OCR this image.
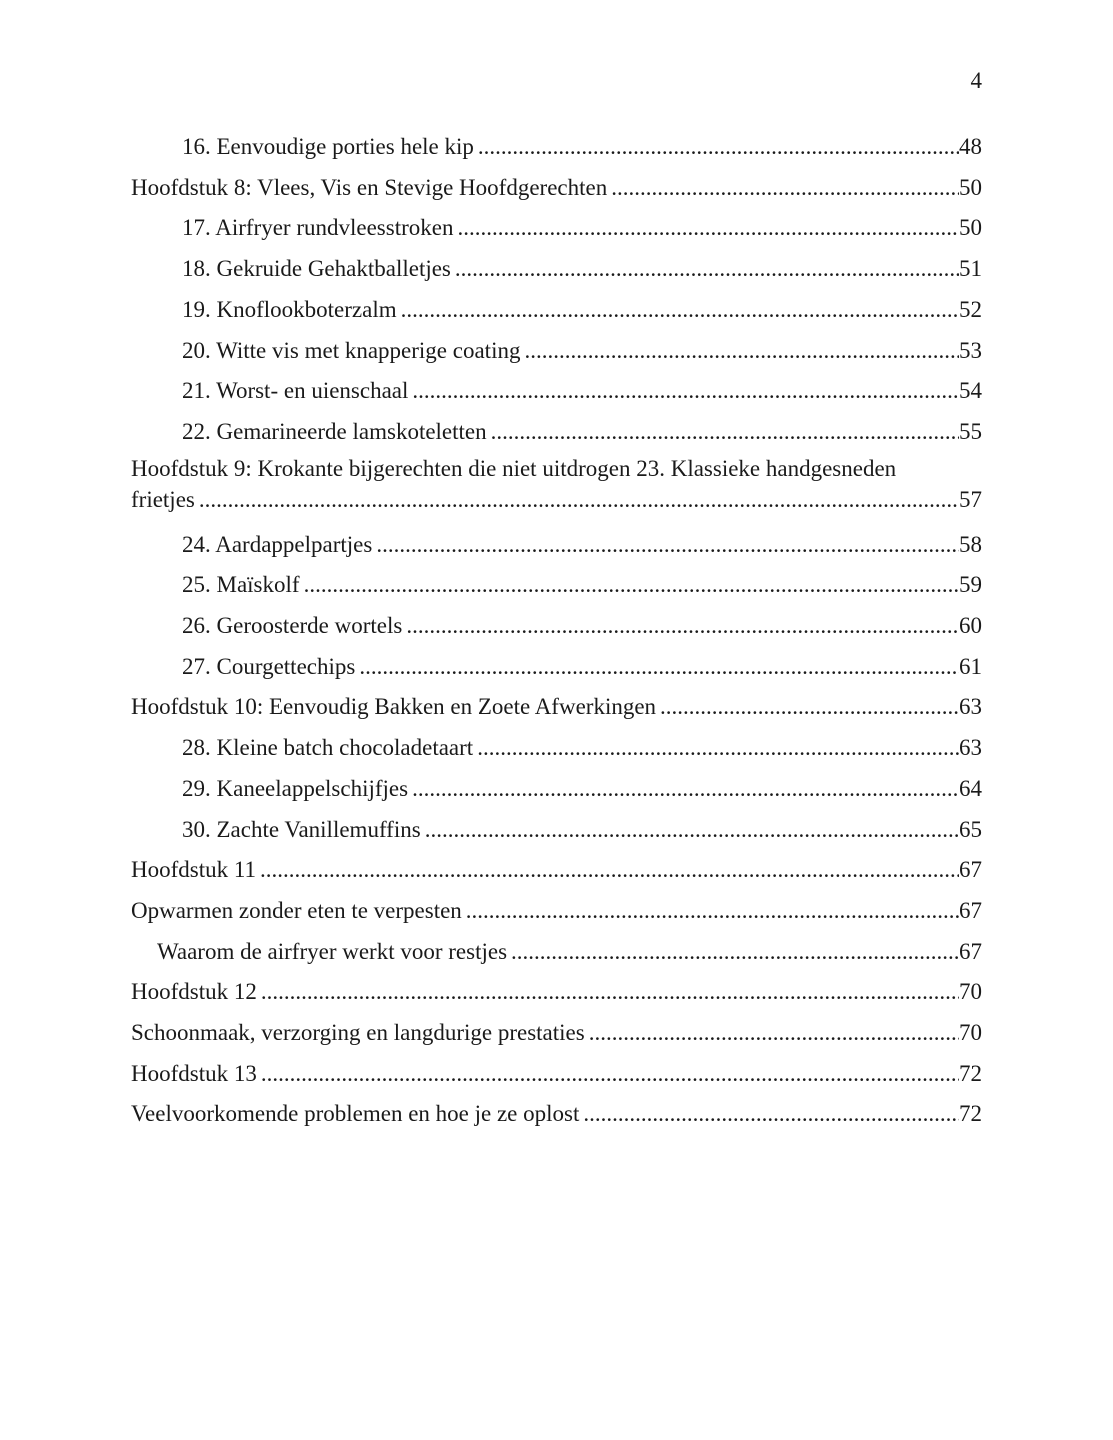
4
16. Eenvoudige porties hele kip .....	48
Hoofdstuk 8: Vlees, Vis en Stevige Hoofdgerechten .....	50
17. Airfryer rundvleesstroken .....	50
18. Gekruide Gehaktballetjes .....	51
19. Knoflookboterzalm .....	52
20. Witte vis met knapperige coating .....	53
21. Worst- en uienschaal .....	54
22. Gemarineerde lamskoteletten .....	55
Hoofdstuk 9: Krokante bijgerechten die niet uitdrogen 23. Klassieke handgesneden
frietjes .....	57
24. Aardappelpartjes .....	58
25. Maïskolf .....	59
26. Geroosterde wortels .....	60
27. Courgettechips .....	61
Hoofdstuk 10: Eenvoudig Bakken en Zoete Afwerkingen .....	63
28. Kleine batch chocoladetaart .....	63
29. Kaneelappelschijfjes .....	64
30. Zachte Vanillemuffins .....	65
Hoofdstuk 11 .....	67
Opwarmen zonder eten te verpesten .....	67
Waarom de airfryer werkt voor restjes .....	67
Hoofdstuk 12 .....	70
Schoonmaak, verzorging en langdurige prestaties .....	70
Hoofdstuk 13 .....	72
Veelvoorkomende problemen en hoe je ze oplost .....	72
